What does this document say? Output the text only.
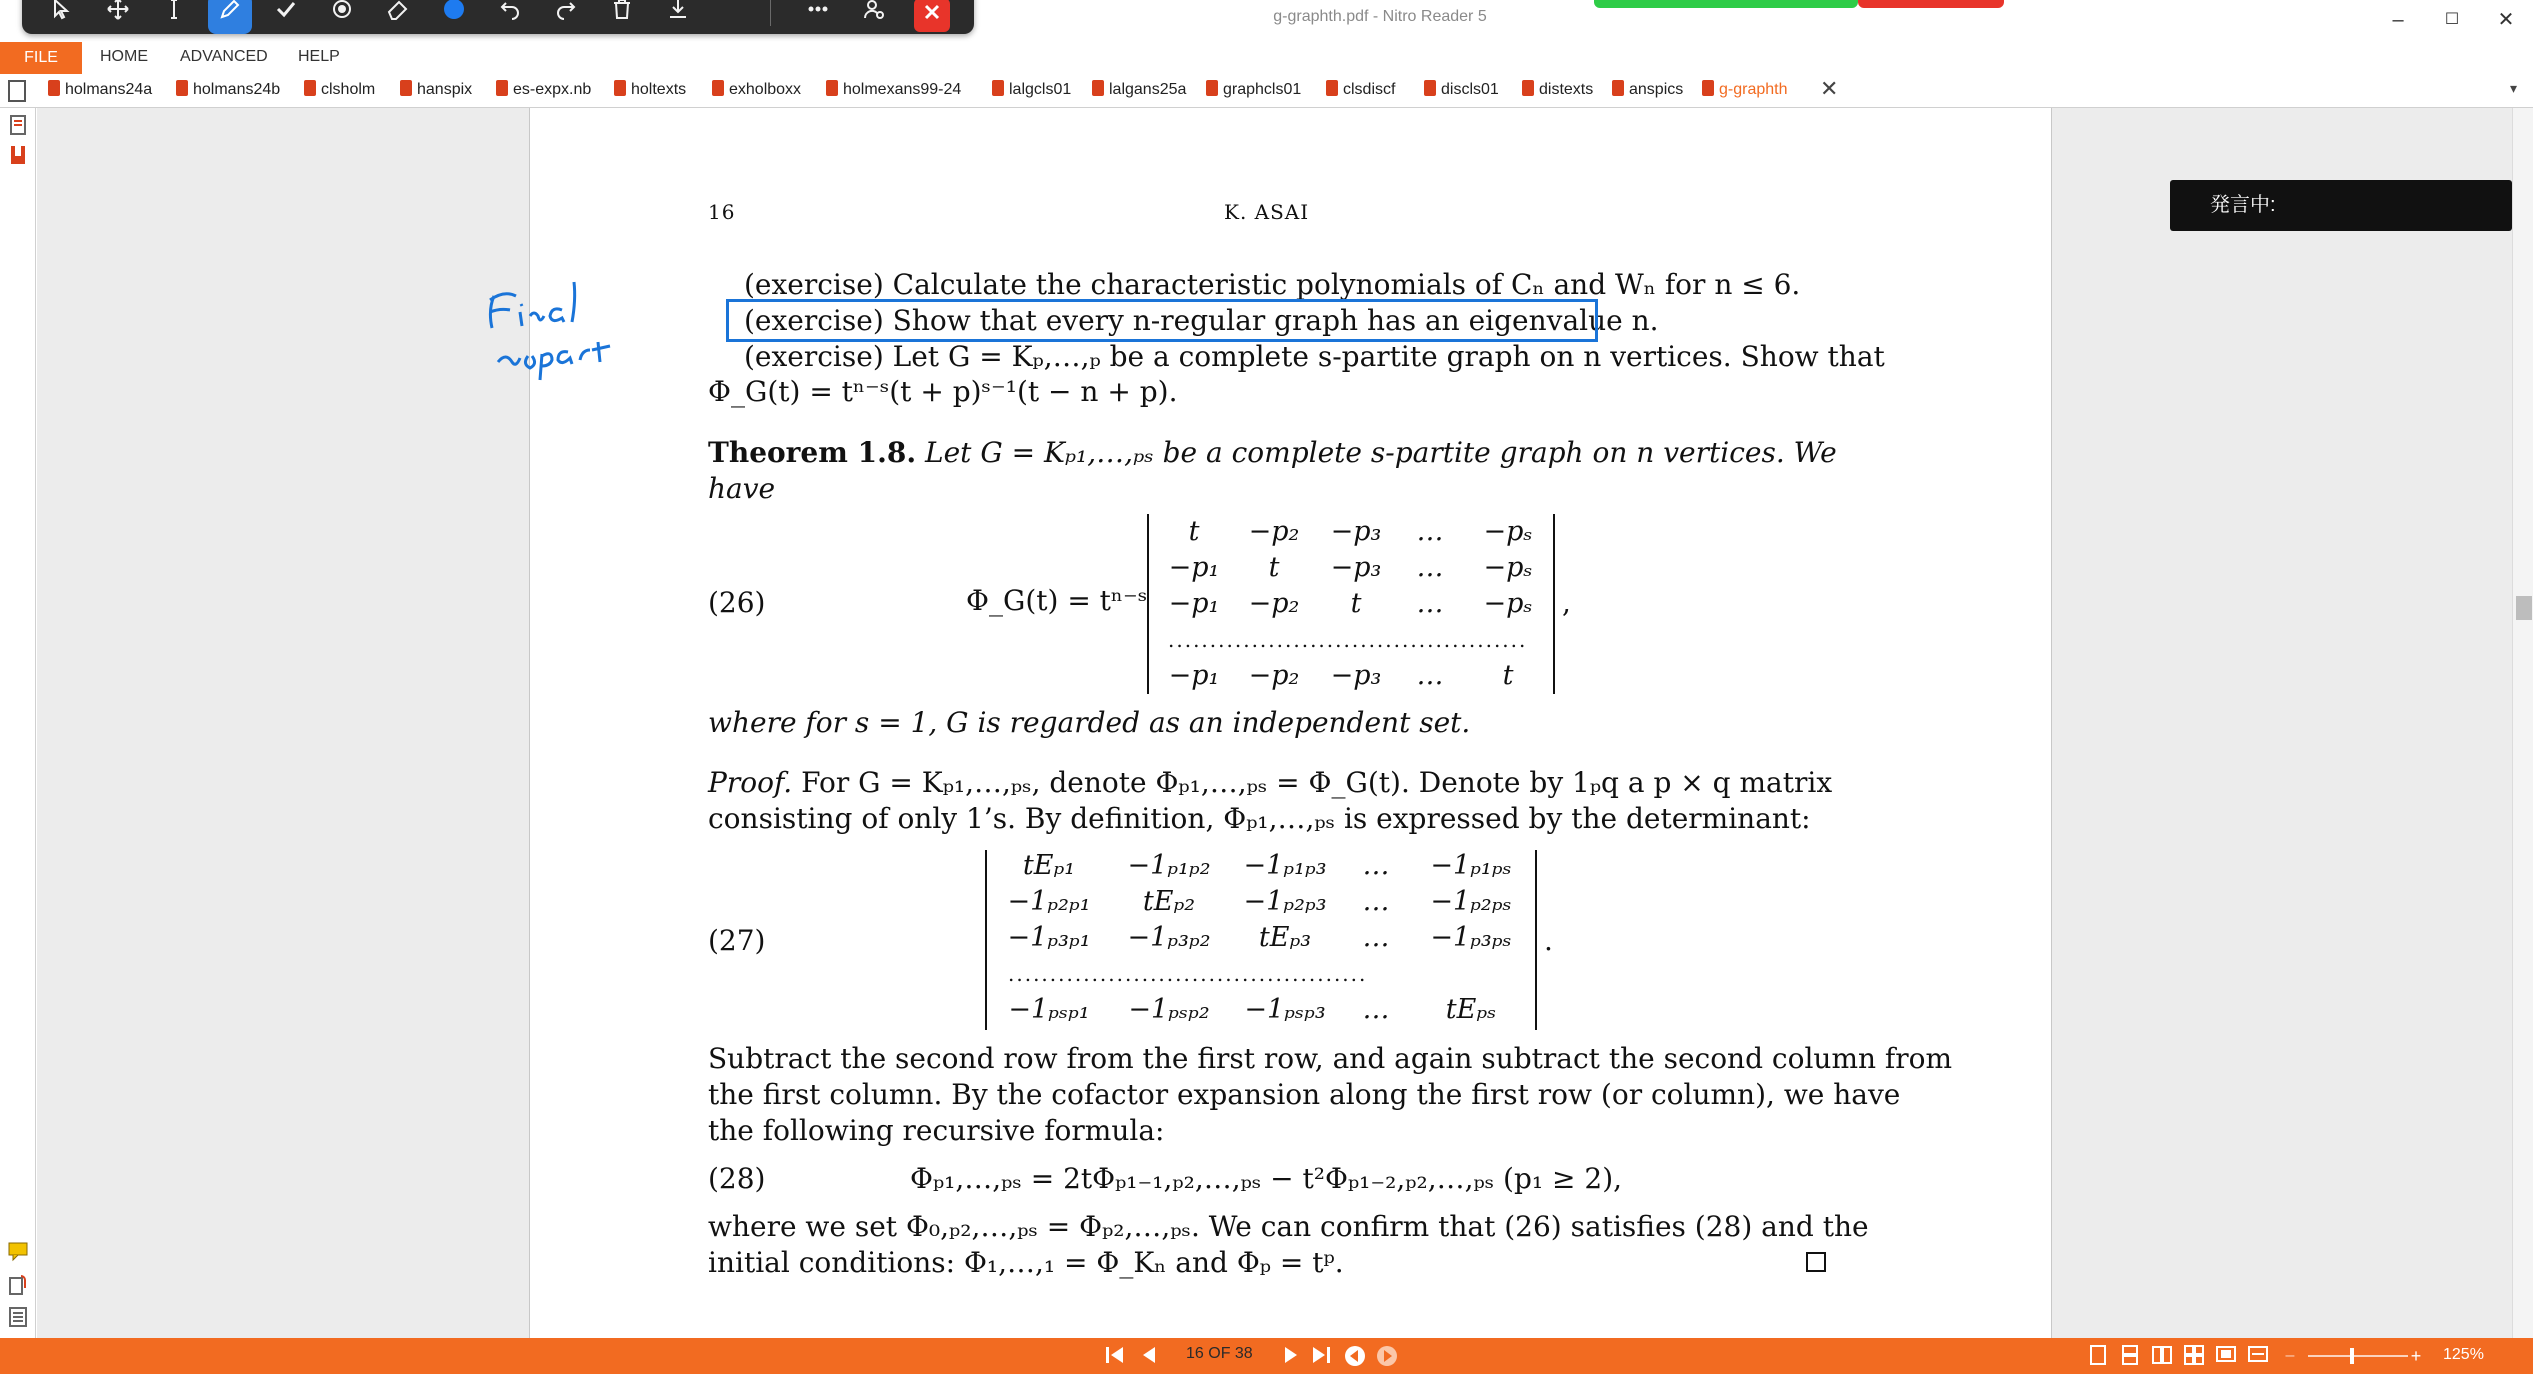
g-graphth.pdf - Nitro Reader 5	–	☐	✕
FILE	HOME ADVANCED HELP
holmans24a	holmans24b	clsholm	hanspix	es-expx.nb	holtexts	exholboxx	holmexans99-24	lalgcls01	lalgans25a	graphcls01	clsdiscf	discls01	distexts	anspics	g-graphth ✕	▾
16	K. ASAI
(exercise) Calculate the characteristic polynomials of Cₙ and Wₙ for n ≤ 6.
(exercise) Show that every n-regular graph has an eigenvalue n.
(exercise) Let G = Kₚ,…,ₚ be a complete s-partite graph on n vertices. Show that
Φ_G(t) = tⁿ⁻ˢ(t + p)ˢ⁻¹(t − n + p).
Theorem 1.8. Let G = Kₚ₁,…,ₚₛ be a complete s-partite graph on n vertices. We
have
(26)	Φ_G(t) = tⁿ⁻ˢ
t	−p₂	−p₃	…	−pₛ
−p₁	t	−p₃	…	−pₛ
−p₁	−p₂	t	…	−pₛ
...........................................
−p₁	−p₂	−p₃	…	t
,
where for s = 1, G is regarded as an independent set.
Proof. For G = Kₚ₁,…,ₚₛ, denote Φₚ₁,…,ₚₛ = Φ_G(t). Denote by 1ₚq a p × q matrix
consisting of only 1’s. By definition, Φₚ₁,…,ₚₛ is expressed by the determinant:
(27)
tEₚ₁	−1ₚ₁ₚ₂	−1ₚ₁ₚ₃	…	−1ₚ₁ₚₛ
−1ₚ₂ₚ₁	tEₚ₂	−1ₚ₂ₚ₃	…	−1ₚ₂ₚₛ
−1ₚ₃ₚ₁	−1ₚ₃ₚ₂	tEₚ₃	…	−1ₚ₃ₚₛ
...........................................
−1ₚₛₚ₁	−1ₚₛₚ₂	−1ₚₛₚ₃	…	tEₚₛ
.
Subtract the second row from the first row, and again subtract the second column from
the first column. By the cofactor expansion along the first row (or column), we have
the following recursive formula:
(28)	Φₚ₁,…,ₚₛ = 2tΦₚ₁₋₁,ₚ₂,…,ₚₛ − t²Φₚ₁₋₂,ₚ₂,…,ₚₛ (p₁ ≥ 2),
where we set Φ₀,ₚ₂,…,ₚₛ = Φₚ₂,…,ₚₛ. We can confirm that (26) satisfies (28) and the
initial conditions: Φ₁,…,₁ = Φ_Kₙ and Φₚ = tᵖ.
発言中:
16 OF 38	–	+ 125%
